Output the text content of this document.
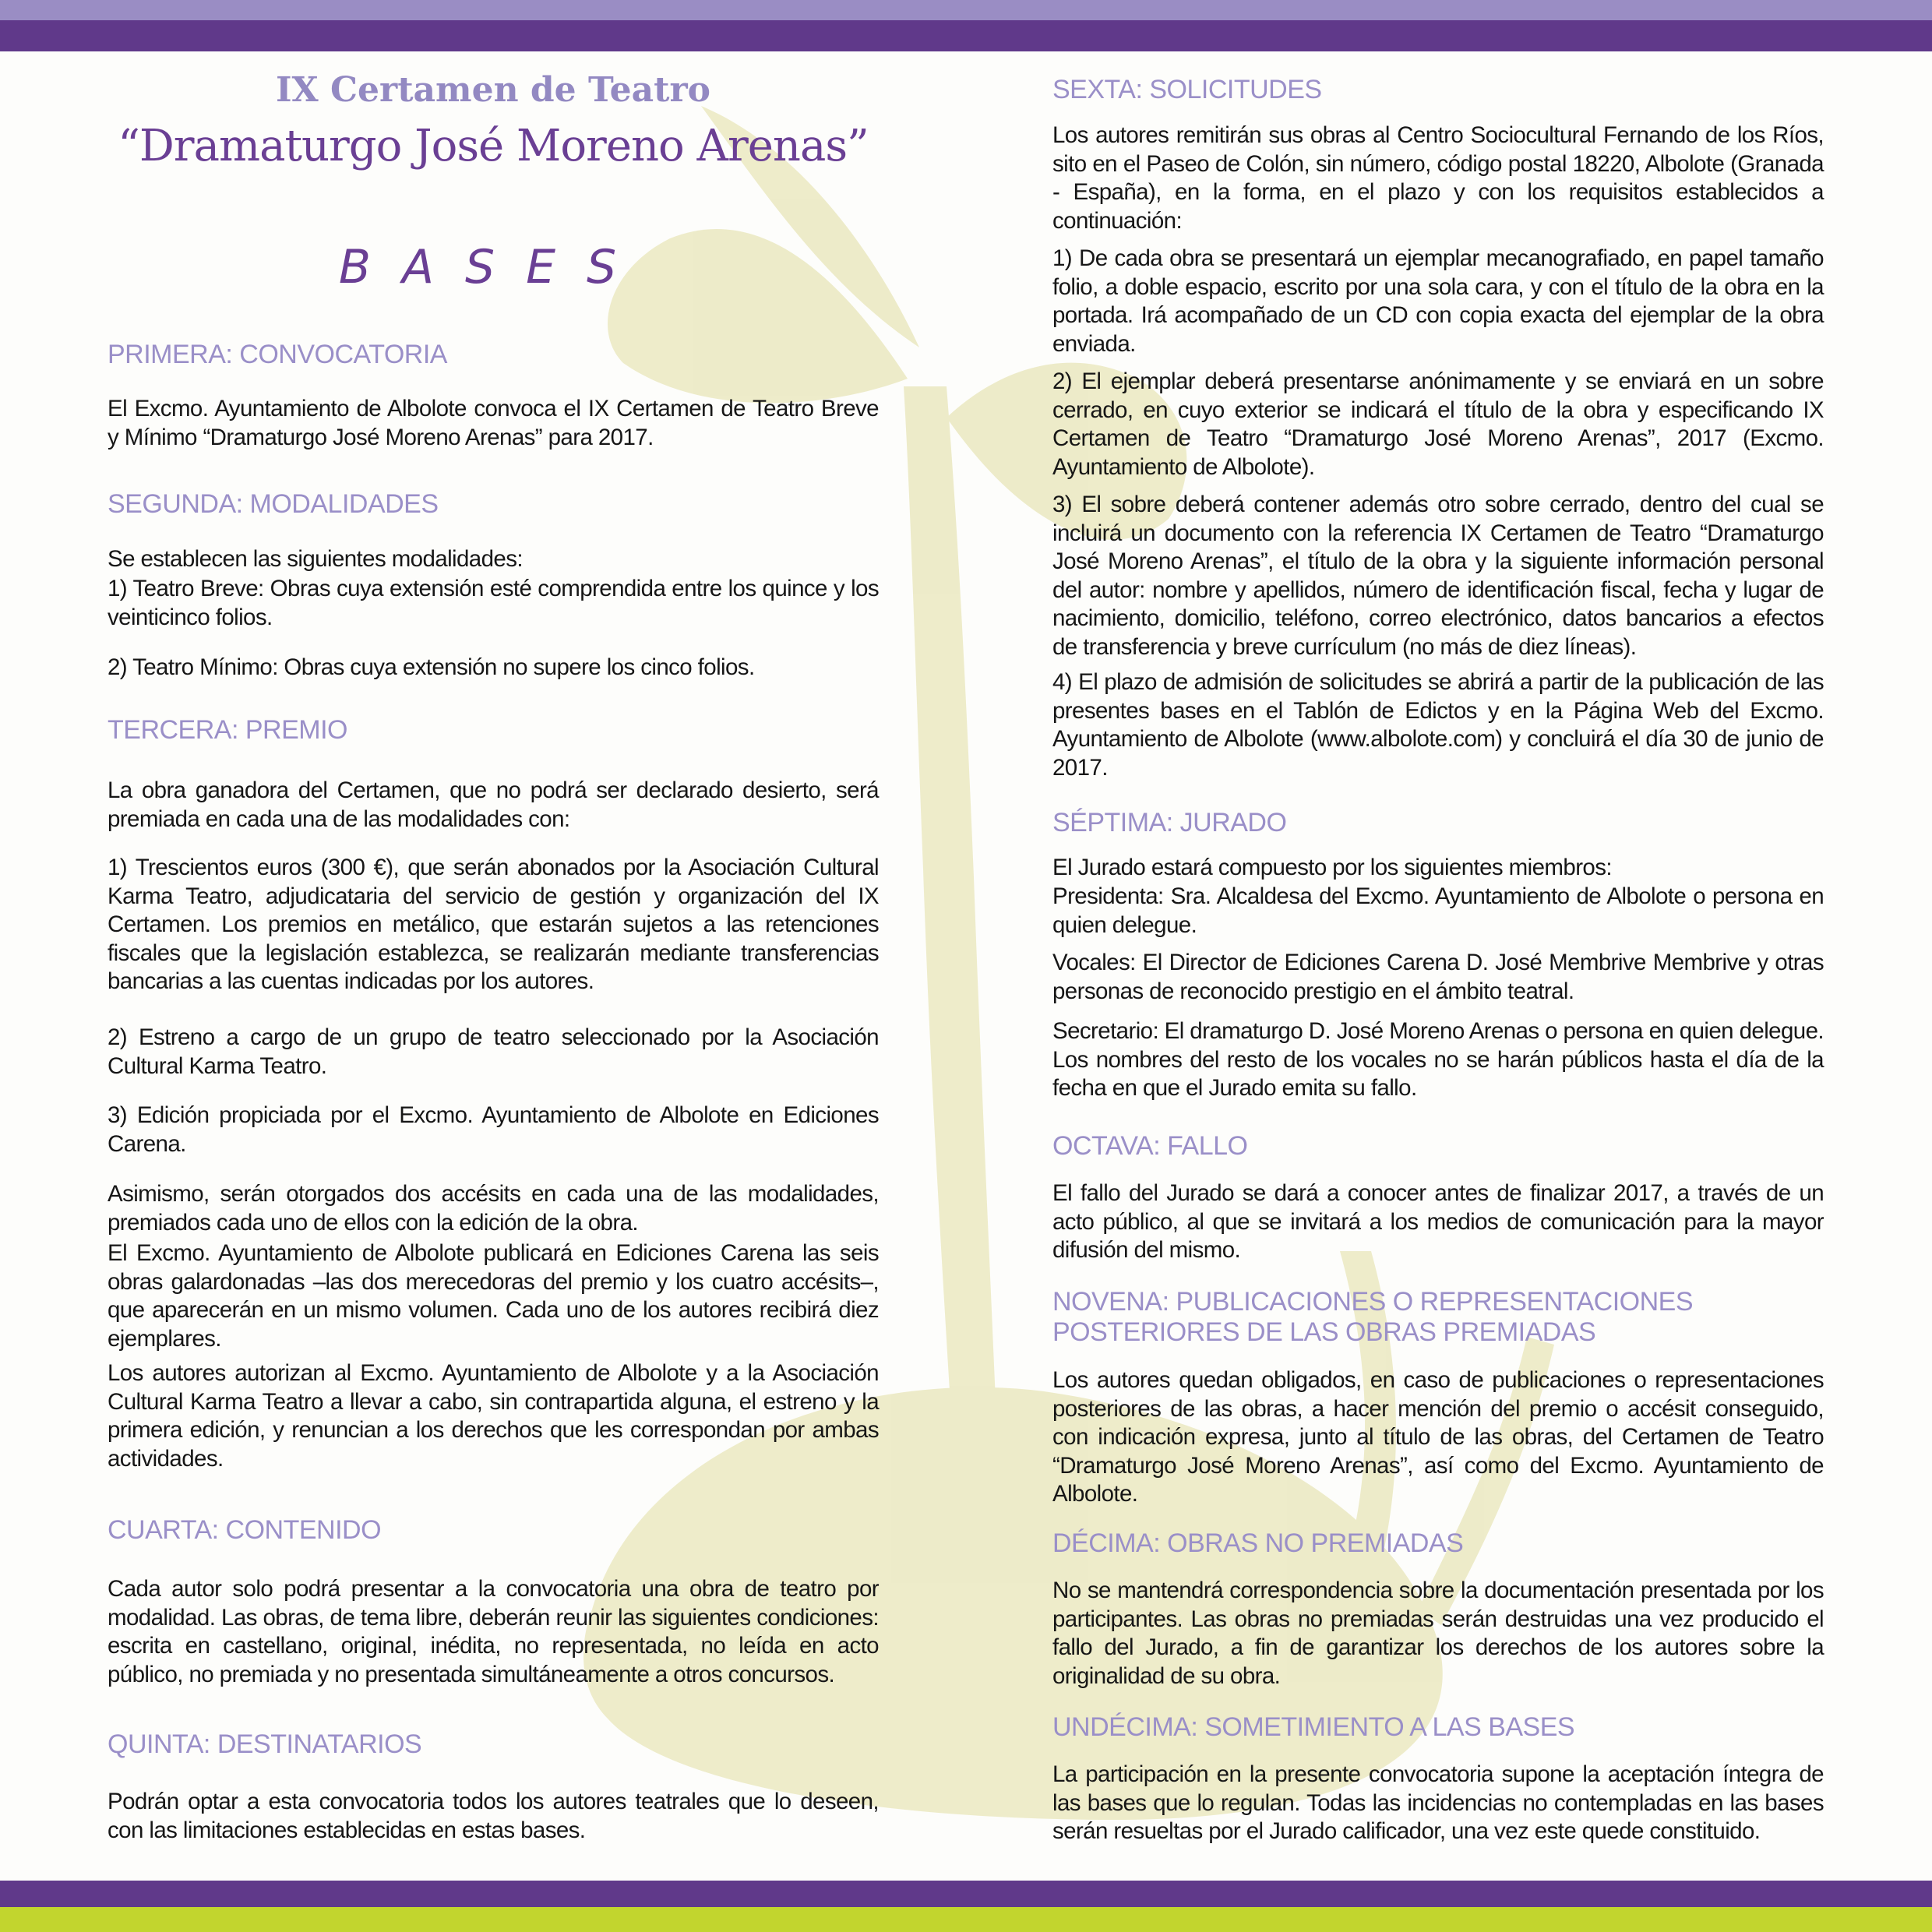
IX Certamen de Teatro
“Dramaturgo José Moreno Arenas”
BASES
PRIMERA: CONVOCATORIA
El Excmo. Ayuntamiento de Albolote convoca el IX Certamen de Teatro Breve y Mínimo “Dramaturgo José Moreno Arenas” para 2017.
SEGUNDA: MODALIDADES
Se establecen las siguientes modalidades:
1) Teatro Breve: Obras cuya extensión esté comprendida entre los quince y los veinticinco folios.
2) Teatro Mínimo: Obras cuya extensión no supere los cinco folios.
TERCERA: PREMIO
La obra ganadora del Certamen, que no podrá ser declarado desierto, será premiada en cada una de las modalidades con:
1) Trescientos euros (300 €), que serán abonados por la Asociación Cultural Karma Teatro, adjudicataria del servicio de gestión y organización del IX Certamen. Los premios en metálico, que estarán sujetos a las retenciones fiscales que la legislación establezca, se realizarán mediante transferencias bancarias a las cuentas indicadas por los autores.
2) Estreno a cargo de un grupo de teatro seleccionado por la Asociación Cultural Karma Teatro.
3) Edición propiciada por el Excmo. Ayuntamiento de Albolote en Ediciones Carena.
Asimismo, serán otorgados dos accésits en cada una de las modalidades, premiados cada uno de ellos con la edición de la obra.
El Excmo. Ayuntamiento de Albolote publicará en Ediciones Carena las seis obras galardonadas –las dos merecedoras del premio y los cuatro accésits–, que aparecerán en un mismo volumen. Cada uno de los autores recibirá diez ejemplares.
Los autores autorizan al Excmo. Ayuntamiento de Albolote y a la Asociación Cultural Karma Teatro a llevar a cabo, sin contrapartida alguna, el estreno y la primera edición, y renuncian a los derechos que les correspondan por ambas actividades.
CUARTA: CONTENIDO
Cada autor solo podrá presentar a la convocatoria una obra de teatro por modalidad. Las obras, de tema libre, deberán reunir las siguientes condiciones: escrita en castellano, original, inédita, no representada, no leída en acto público, no premiada y no presentada simultáneamente a otros concursos.
QUINTA: DESTINATARIOS
Podrán optar a esta convocatoria todos los autores teatrales que lo deseen, con las limitaciones establecidas en estas bases.
SEXTA: SOLICITUDES
Los autores remitirán sus obras al Centro Sociocultural Fernando de los Ríos, sito en el Paseo de Colón, sin número, código postal 18220, Albolote (Granada - España), en la forma, en el plazo y con los requisitos establecidos a continuación:
1) De cada obra se presentará un ejemplar mecanografiado, en papel tamaño folio, a doble espacio, escrito por una sola cara, y con el título de la obra en la portada. Irá acompañado de un CD con copia exacta del ejemplar de la obra enviada.
2) El ejemplar deberá presentarse anónimamente y se enviará en un sobre cerrado, en cuyo exterior se indicará el título de la obra y especificando IX Certamen de Teatro “Dramaturgo José Moreno Arenas”, 2017 (Excmo. Ayuntamiento de Albolote).
3) El sobre deberá contener además otro sobre cerrado, dentro del cual se incluirá un documento con la referencia IX Certamen de Teatro “Dramaturgo José Moreno Arenas”, el título de la obra y la siguiente información personal del autor: nombre y apellidos, número de identificación fiscal, fecha y lugar de nacimiento, domicilio, teléfono, correo electrónico, datos bancarios a efectos de transferencia y breve currículum (no más de diez líneas).
4) El plazo de admisión de solicitudes se abrirá a partir de la publicación de las presentes bases en el Tablón de Edictos y en la Página Web del Excmo. Ayuntamiento de Albolote (www.albolote.com) y concluirá el día 30 de junio de 2017.
SÉPTIMA: JURADO
El Jurado estará compuesto por los siguientes miembros:
Presidenta: Sra. Alcaldesa del Excmo. Ayuntamiento de Albolote o persona en quien delegue.
Vocales: El Director de Ediciones Carena D. José Membrive Membrive y otras personas de reconocido prestigio en el ámbito teatral.
Secretario: El dramaturgo D. José Moreno Arenas o persona en quien delegue. Los nombres del resto de los vocales no se harán públicos hasta el día de la fecha en que el Jurado emita su fallo.
OCTAVA: FALLO
El fallo del Jurado se dará a conocer antes de finalizar 2017, a través de un acto público, al que se invitará a los medios de comunicación para la mayor difusión del mismo.
NOVENA: PUBLICACIONES O REPRESENTACIONES
POSTERIORES DE LAS OBRAS PREMIADAS
Los autores quedan obligados, en caso de publicaciones o representaciones posteriores de las obras, a hacer mención del premio o accésit conseguido, con indicación expresa, junto al título de las obras, del Certamen de Teatro “Dramaturgo José Moreno Arenas”, así como del Excmo. Ayuntamiento de Albolote.
DÉCIMA: OBRAS NO PREMIADAS
No se mantendrá correspondencia sobre la documentación presentada por los participantes. Las obras no premiadas serán destruidas una vez producido el fallo del Jurado, a fin de garantizar los derechos de los autores sobre la originalidad de su obra.
UNDÉCIMA: SOMETIMIENTO A LAS BASES
La participación en la presente convocatoria supone la aceptación íntegra de las bases que lo regulan. Todas las incidencias no contempladas en las bases serán resueltas por el Jurado calificador, una vez este quede constituido.
